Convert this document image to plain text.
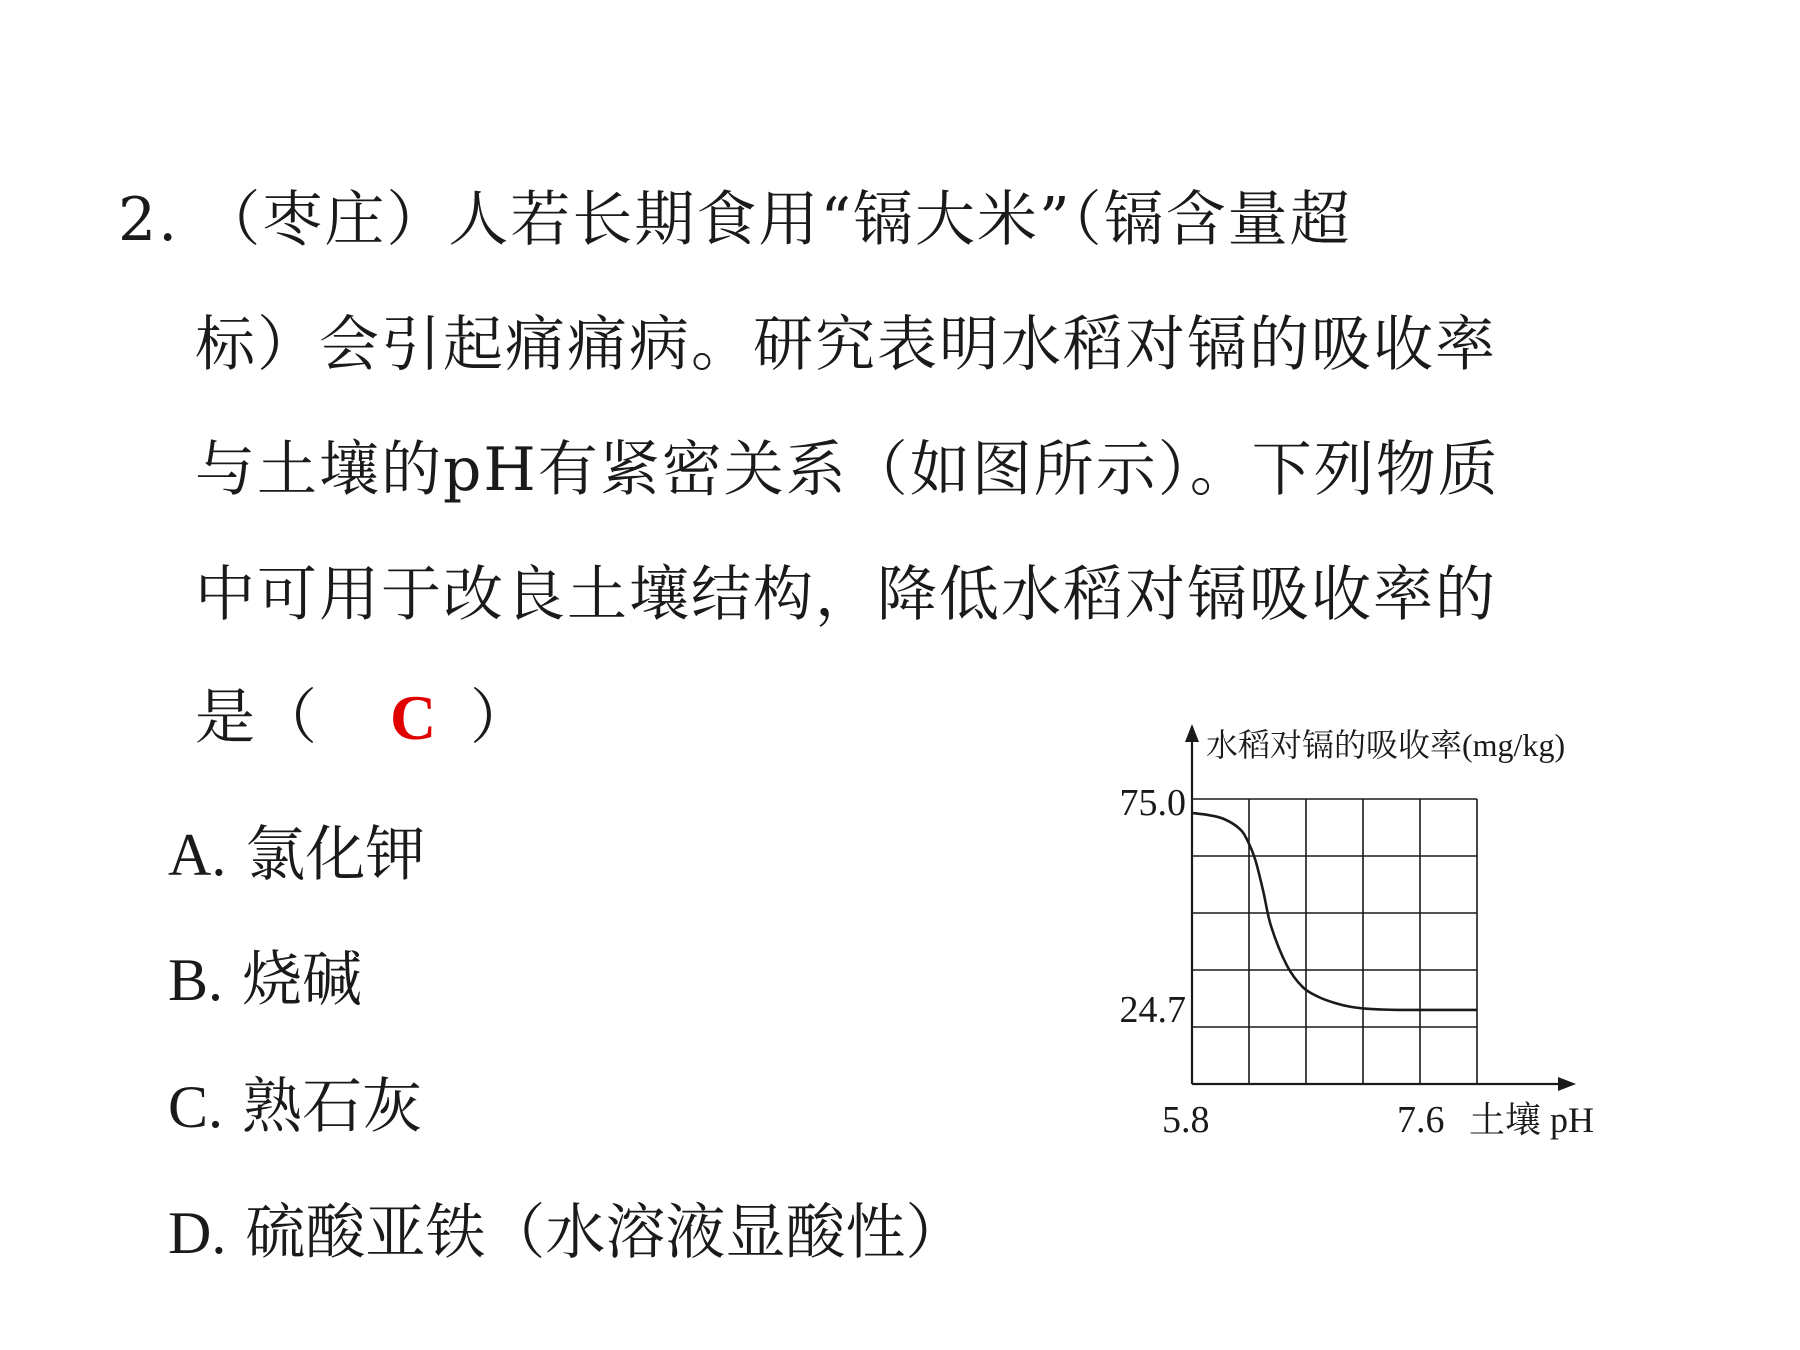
2. （枣庄）人若长期食用“镉大米”（镉含量超
标）会引起痛痛病。研究表明水稻对镉的吸收率
与土壤的pH有紧密关系（如图所示）。下列物质
中可用于改良土壤结构，降低水稻对镉吸收率的
是（ C ）
A. 氯化钾
B. 烧碱
C. 熟石灰
D. 硫酸亚铁（水溶液显酸性）
水稻对镉的吸收率(mg/kg)
75.0
24.7
5.8	7.6 土壤 pH
